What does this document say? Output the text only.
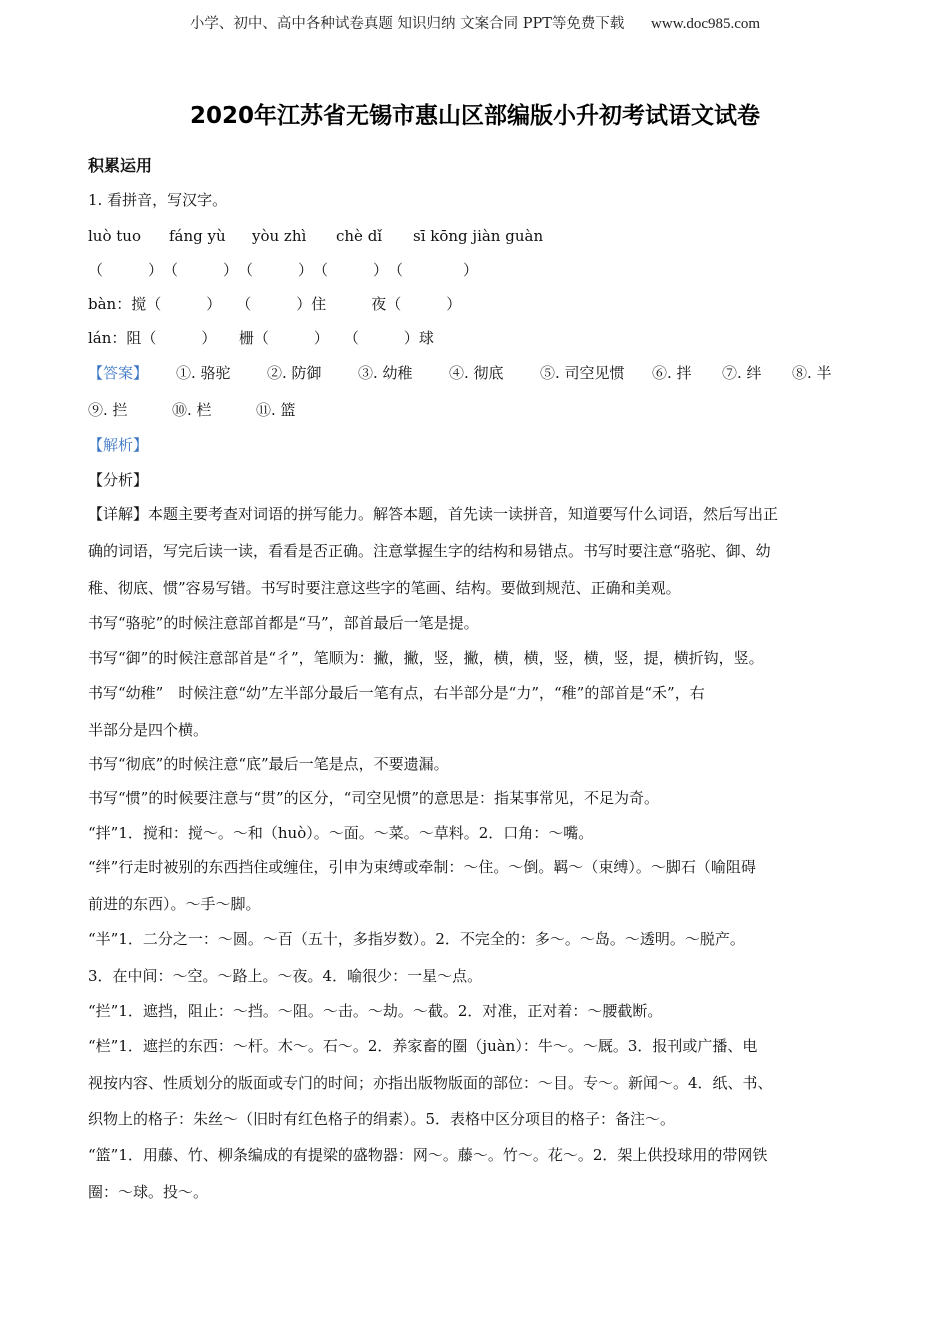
小学、初中、高中各种试卷真题 知识归纳 文案合同 PPT等免费下载 www.doc985.com
2020年江苏省无锡市惠山区部编版小升初考试语文试卷
积累运用
1. 看拼音，写汉字。
luò tuo fáng yù yòu zhì chè dǐ sī kōng jiàn guàn
（　　　）　（　　　）　（　　　）　（　　　）　（　　　　）
bàn：搅（　　　）　　（　　　）住　　　夜（　　　）
lán：阻（　　　）　　栅（　　　）　　（　　　）球
【答案】 ①. 骆驼 ②. 防御 ③. 幼稚 ④. 彻底 ⑤. 司空见惯 ⑥. 拌 ⑦. 绊 ⑧. 半
⑨. 拦	⑩. 栏	⑪. 篮
【解析】
【分析】
【详解】本题主要考查对词语的拼写能力。解答本题，首先读一读拼音，知道要写什么词语，然后写出正
确的词语，写完后读一读，看看是否正确。注意掌握生字的结构和易错点。书写时要注意“骆驼、御、幼
稚、彻底、惯”容易写错。书写时要注意这些字的笔画、结构。要做到规范、正确和美观。
书写“骆驼”的时候注意部首都是“马”，部首最后一笔是提。
书写“御”的时候注意部首是“彳”，笔顺为：撇，撇，竖，撇，横，横，竖，横，竖，提，横折钩，竖。
书写“幼稚”　时候注意“幼”左半部分最后一笔有点，右半部分是“力”，“稚”的部首是“禾”，右
半部分是四个横。
书写“彻底”的时候注意“底”最后一笔是点，不要遗漏。
书写“惯”的时候要注意与“贯”的区分，“司空见惯”的意思是：指某事常见，不足为奇。
“拌”1．搅和：搅～。～和（huò）。～面。～菜。～草料。2．口角：～嘴。
“绊”行走时被别的东西挡住或缠住，引申为束缚或牵制：～住。～倒。羁～（束缚）。～脚石（喻阻碍
前进的东西）。～手～脚。
“半”1．二分之一：～圆。～百（五十，多指岁数）。2．不完全的：多～。～岛。～透明。～脱产。
3．在中间：～空。～路上。～夜。4．喻很少：一星～点。
“拦”1．遮挡，阻止：～挡。～阻。～击。～劫。～截。2．对准，正对着：～腰截断。
“栏”1．遮拦的东西：～杆。木～。石～。2．养家畜的圈（juàn）：牛～。～厩。3．报刊或广播、电
视按内容、性质划分的版面或专门的时间；亦指出版物版面的部位：～目。专～。新闻～。4．纸、书、
织物上的格子：朱丝～（旧时有红色格子的绢素）。5．表格中区分项目的格子：备注～。
“篮”1．用藤、竹、柳条编成的有提梁的盛物器：网～。藤～。竹～。花～。2．架上供投球用的带网铁
圈：～球。投～。
